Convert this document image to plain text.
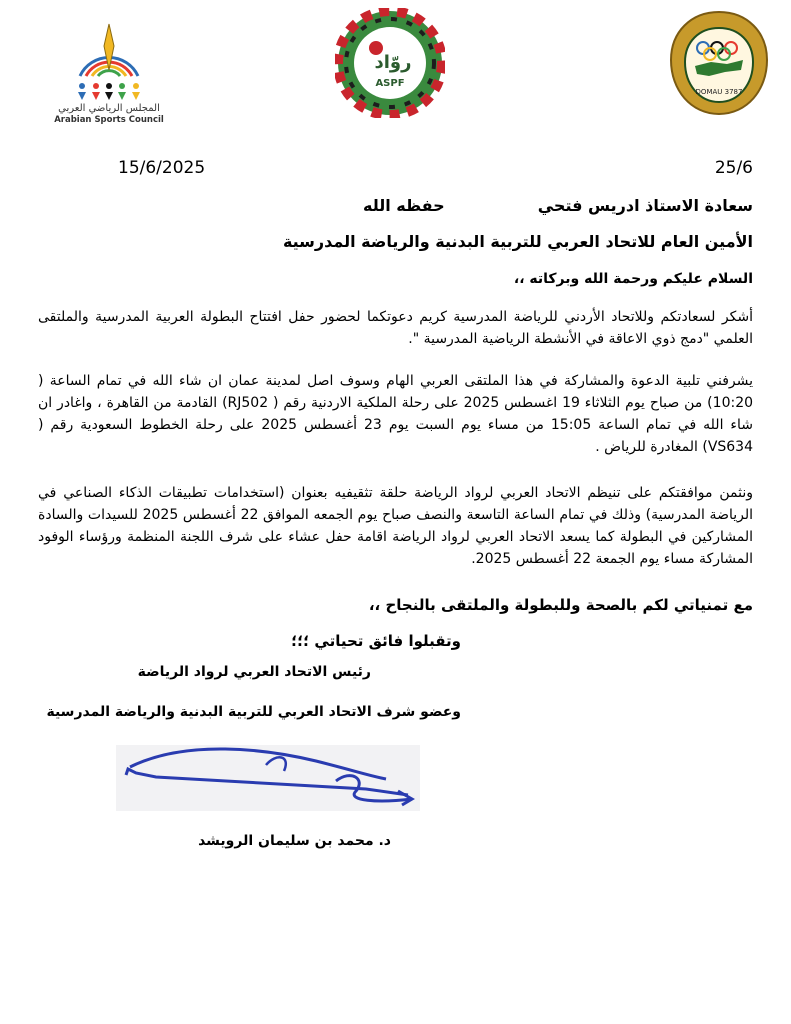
المجلس الرياضي العربي
Arabian Sports Council
روّاد
ASPF
DOMAU 3787
15/6/2025	25/6
سعادة الاستاذ ادريس فتحي
حفظه الله
الأمين العام للاتحاد العربي للتربية البدنية والرياضة المدرسية
السلام عليكم ورحمة الله وبركاته ،،
أشكر لسعادتكم وللاتحاد الأردني للرياضة المدرسية كريم دعوتكما لحضور حفل افتتاح البطولة العربية المدرسية والملتقى العلمي "دمج ذوي الاعاقة في الأنشطة الرياضية المدرسية ".
يشرفني تلبية الدعوة والمشاركة في هذا الملتقى العربي الهام وسوف اصل لمدينة عمان ان شاء الله في تمام الساعة ( 10:20) من صباح يوم الثلاثاء 19 اغسطس 2025 على رحلة الملكية الاردنية رقم ( RJ502) القادمة من القاهرة ، واغادر ان شاء الله في تمام الساعة 15:05 من مساء يوم السبت يوم 23 أغسطس 2025 على رحلة الخطوط السعودية رقم ( VS634) المغادرة للرياض .
ونثمن موافقتكم على تنيظم الاتحاد العربي لرواد الرياضة حلقة تثقيفيه بعنوان (استخدامات تطبيقات الذكاء الصناعي في الرياضة المدرسية) وذلك في تمام الساعة التاسعة والنصف صباح يوم الجمعه الموافق 22 أغسطس 2025 للسيدات والسادة المشاركين في البطولة كما يسعد الاتحاد العربي لرواد الرياضة اقامة حفل عشاء على شرف اللجنة المنظمة ورؤساء الوفود المشاركة مساء يوم الجمعة 22 أغسطس 2025.
مع تمنياتي لكم بالصحة وللبطولة والملتقى بالنجاح ،،
وتقبلوا فائق تحياتي ؛؛؛
رئيس الاتحاد العربي لرواد الرياضة
وعضو شرف الاتحاد العربي للتربية البدنية والرياضة المدرسية
د. محمد بن سليمان الرويشد
